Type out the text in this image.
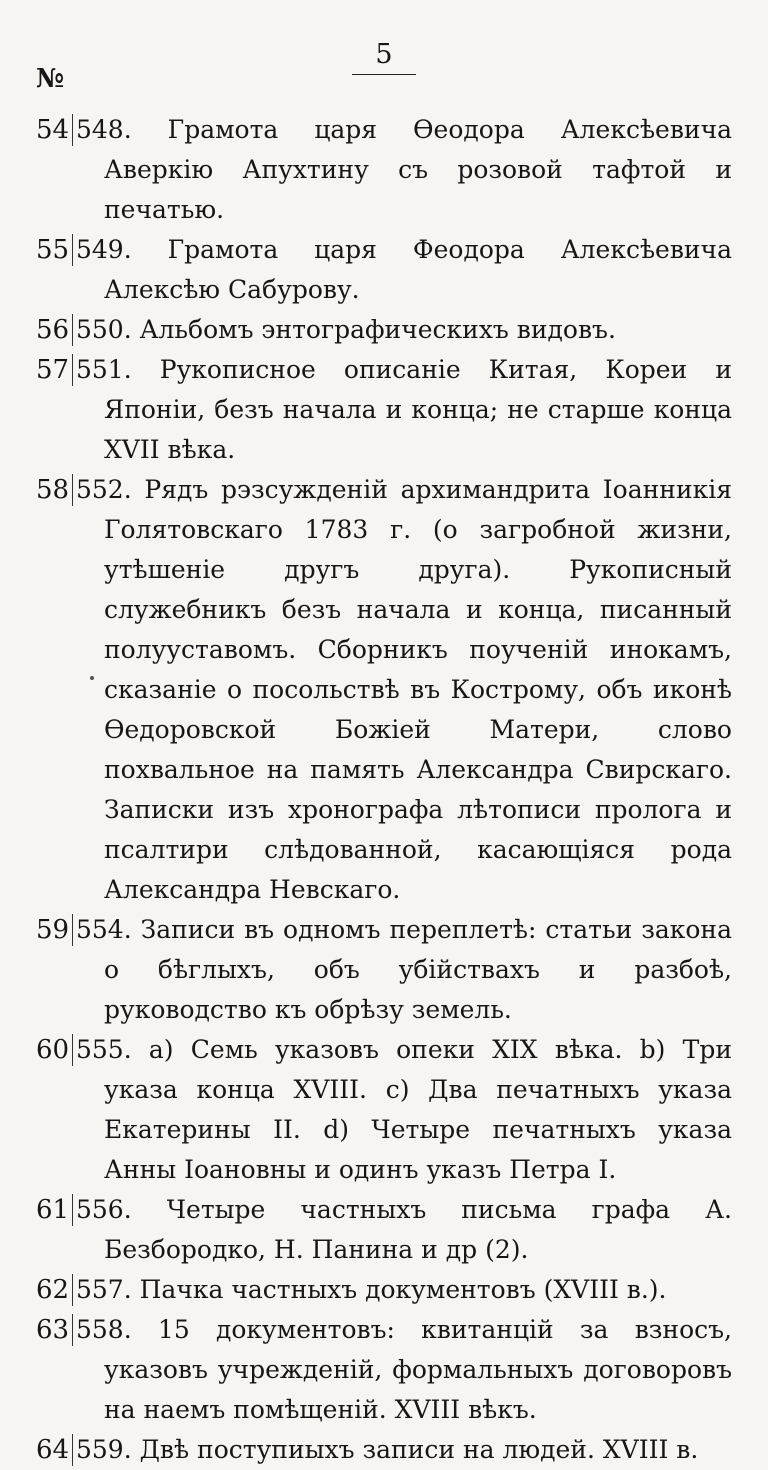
5
№
54 548. Грамота царя Өеодора Алексѣевича Аверкію Апухтину съ розовой тафтой и печатью.
55 549. Грамота царя Феодора Алексѣевича Алексѣю Сабурову.
56 550. Альбомъ энтографическихъ видовъ.
57 551. Рукописное описаніе Китая, Кореи и Японіи, безъ начала и конца; не старше конца XVII вѣка.
58 552. Рядъ рэзсужденій архимандрита Іоанникія Голятовскаго 1783 г. (о загробной жизни, утѣшеніе другъ друга). Рукописный служебникъ безъ начала и конца, писанный полууставомъ. Сборникъ поученій инокамъ, сказаніе о посольствѣ въ Кострому, объ иконѣ Өедоровской Божіей Матери, слово похвальное на память Александра Свирскаго. Записки изъ хронографа лѣтописи пролога и псалтири слѣдованной, касающіяся рода Александра Невскаго.
59 554. Записи въ одномъ переплетѣ: статьи закона о бѣглыхъ, объ убійствахъ и разбоѣ, руководство къ обрѣзу земель.
60 555. a) Семь указовъ опеки XIX вѣка. b) Три указа конца XVIII. c) Два печатныхъ указа Екатерины II. d) Четыре печатныхъ указа Анны Іоановны и одинъ указъ Петра I.
61 556. Четыре частныхъ письма графа А. Безбородко, Н. Панина и др (2).
62 557. Пачка частныхъ документовъ (XVIII в.).
63 558. 15 документовъ: квитанцій за взносъ, указовъ учрежденій, формальныхъ договоровъ на наемъ помѣщеній. XVIII вѣкъ.
64 559. Двѣ поступиыхъ записи на людей. XVIII в.
